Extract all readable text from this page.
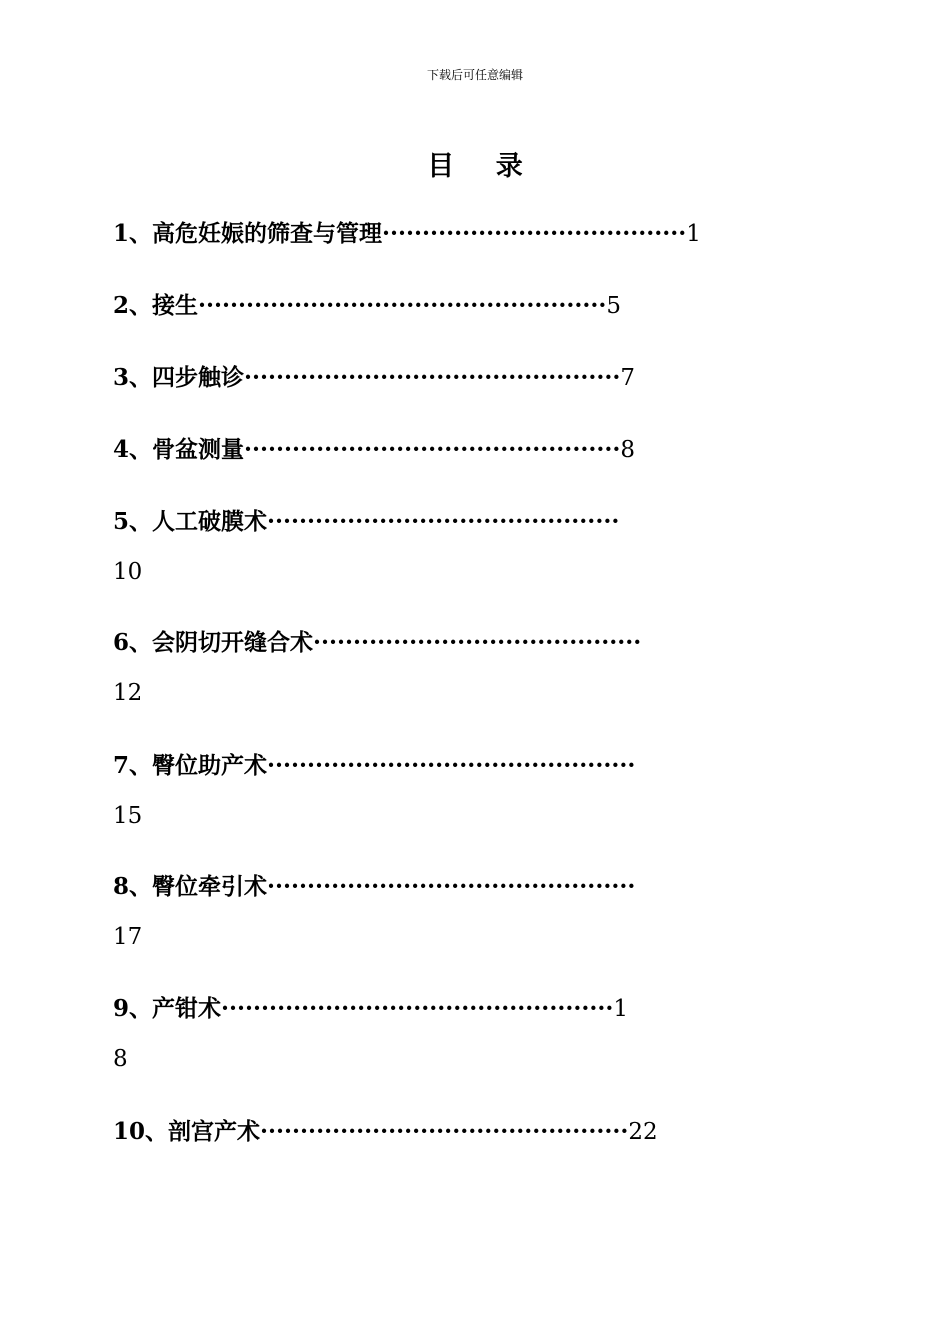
下载后可任意编辑
目 录
1、高危妊娠的筛查与管理······································1
2、接生···················································5
3、四步触诊···············································7
4、骨盆测量···············································8
5、人工破膜术············································
10
6、会阴切开缝合术·········································
12
7、臀位助产术··············································
15
8、臀位牵引术··············································
17
9、产钳术·················································1
8
10、剖宫产术··············································22
